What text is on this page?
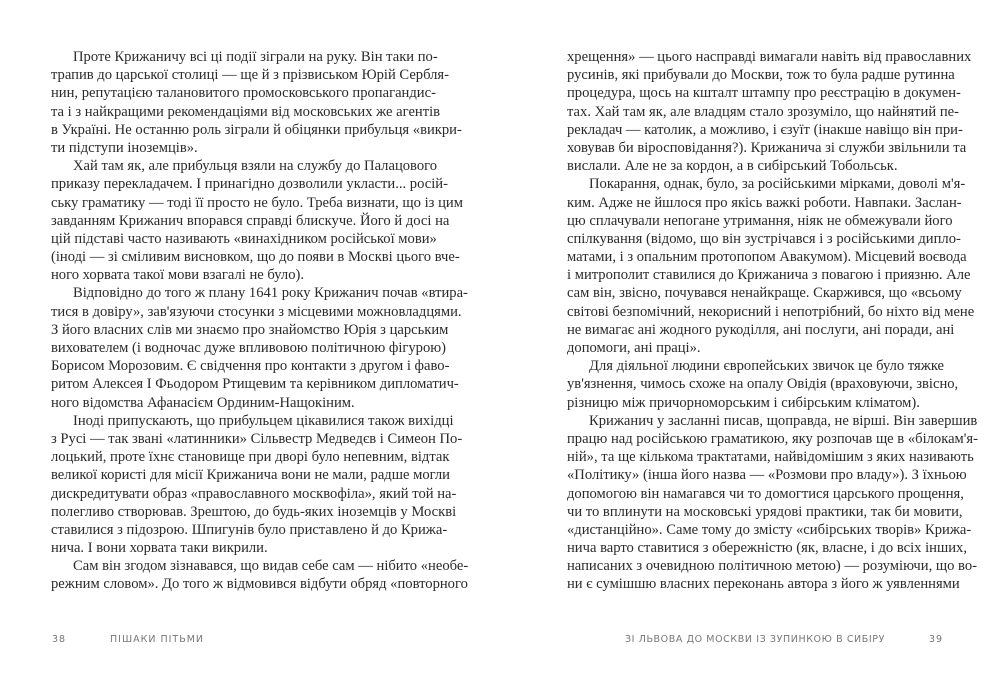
Проте Крижаничу всі ці події зіграли на руку. Він таки по-
трапив до царської столиці — ще й з прізвиськом Юрій Сербля-
нин, репутацією талановитого промосковського пропагандис-
та і з найкращими рекомендаціями від московських же агентів
в Україні. Не останню роль зіграли й обіцянки прибульця «викри-
ти підступи іноземців».
Хай там як, але прибульця взяли на службу до Палацового
приказу перекладачем. І принагідно дозволили укласти... росій-
ську граматику — тоді її просто не було. Треба визнати, що із цим
завданням Крижанич впорався справді блискуче. Його й досі на
цій підставі часто називають «винахідником російської мови»
(іноді — зі сміливим висновком, що до появи в Москві цього вче-
ного хорвата такої мови взагалі не було).
Відповідно до того ж плану 1641 року Крижанич почав «втира-
тися в довіру», зав'язуючи стосунки з місцевими можновладцями.
З його власних слів ми знаємо про знайомство Юрія з царським
вихователем (і водночас дуже впливовою політичною фігурою)
Борисом Морозовим. Є свідчення про контакти з другом і фаво-
ритом Алексея І Фьодором Ртищевим та керівником дипломатич-
ного відомства Афанасієм Ординим-Нащокіним.
Іноді припускають, що прибульцем цікавилися також вихідці
з Русі — так звані «латинники» Сільвестр Медведєв і Симеон По-
лоцький, проте їхнє становище при дворі було непевним, відтак
великої користі для місії Крижанича вони не мали, радше могли
дискредитувати образ «православного москвофіла», який той на-
полегливо створював. Зрештою, до будь-яких іноземців у Москві
ставилися з підозрою. Шпигунів було приставлено й до Крижа-
нича. І вони хорвата таки викрили.
Сам він згодом зізнавався, що видав себе сам — нібито «необе-
режним словом». До того ж відмовився відбути обряд «повторного
хрещення» — цього насправді вимагали навіть від православних
русинів, які прибували до Москви, тож то була радше рутинна
процедура, щось на кшталт штампу про реєстрацію в докумен-
тах. Хай там як, але владцям стало зрозуміло, що найнятий пе-
рекладач — католик, а можливо, і єзуїт (інакше навіщо він при-
ховував би віросповідання?). Крижанича зі служби звільнили та
вислали. Але не за кордон, а в сибірський Тобольськ.
Покарання, однак, було, за російськими мірками, доволі м'я-
ким. Адже не йшлося про якісь важкі роботи. Навпаки. Заслан-
цю сплачували непогане утримання, ніяк не обмежували його
спілкування (відомо, що він зустрічався і з російськими дипло-
матами, і з опальним протопопом Авакумом). Місцевий воєвода
і митрополит ставилися до Крижанича з повагою і приязню. Але
сам він, звісно, почувався ненайкраще. Скаржився, що «всьому
світові безпомічний, некорисний і непотрібний, бо ніхто від мене
не вимагає ані жодного рукоділля, ані послуги, ані поради, ані
допомоги, ані праці».
Для діяльної людини європейських звичок це було тяжке
ув'язнення, чимось схоже на опалу Овідія (враховуючи, звісно,
різницю між причорноморським і сибірським кліматом).
Крижанич у засланні писав, щоправда, не вірші. Він завершив
працю над російською граматикою, яку розпочав ще в «білокам'я-
ній», та ще кількома трактатами, найвідомішим з яких називають
«Політику» (інша його назва — «Розмови про владу»). З їхньою
допомогою він намагався чи то домогтися царського прощення,
чи то вплинути на московські урядові практики, так би мовити,
«дистанційно». Саме тому до змісту «сибірських творів» Крижа-
нича варто ставитися з обережністю (як, власне, і до всіх інших,
написаних з очевидною політичною метою) — розуміючи, що во-
ни є сумішшю власних переконань автора з його ж уявленнями
38	ПІШАКИ ПІТЬМИ	ЗІ ЛЬВОВА ДО МОСКВИ ІЗ ЗУПИНКОЮ В СИБІРУ	39
